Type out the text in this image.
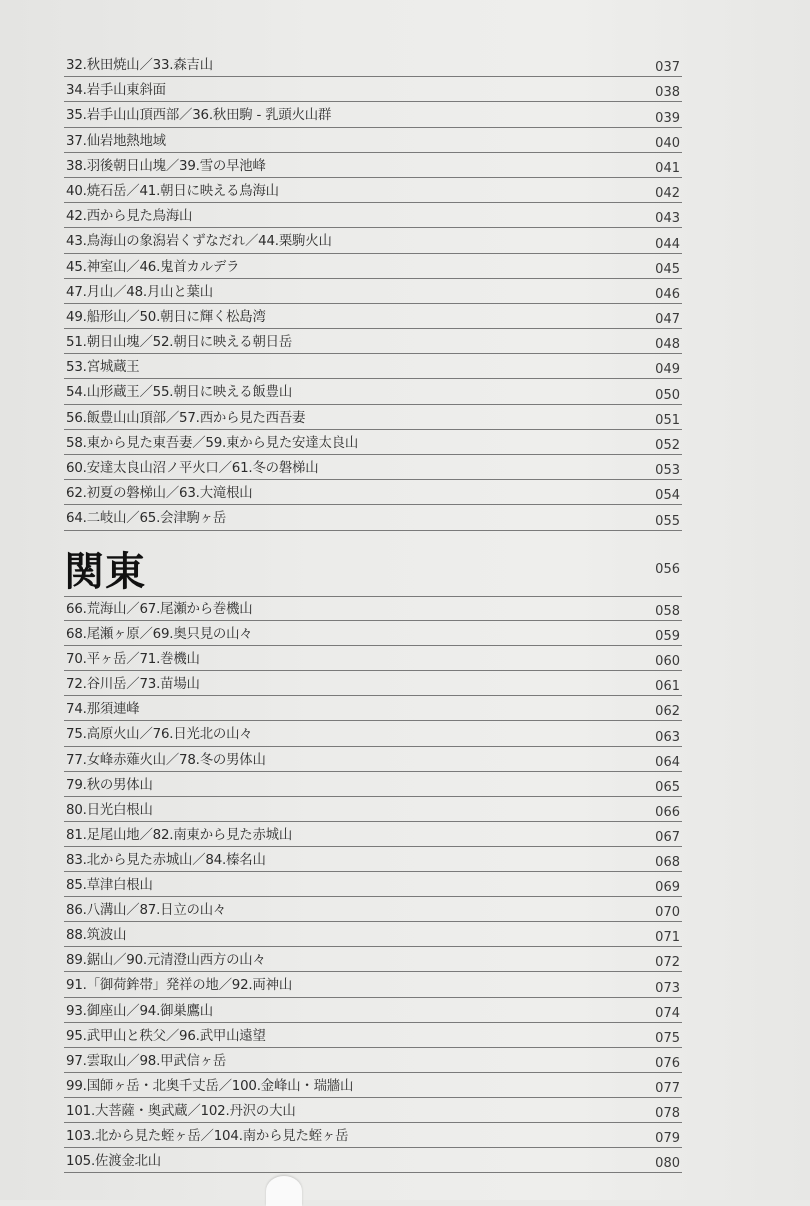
32.秋田焼山／33.森吉山	037
34.岩手山東斜面	038
35.岩手山山頂西部／36.秋田駒 - 乳頭火山群	039
37.仙岩地熱地域	040
38.羽後朝日山塊／39.雪の早池峰	041
40.焼石岳／41.朝日に映える鳥海山	042
42.西から見た鳥海山	043
43.鳥海山の象潟岩くずなだれ／44.栗駒火山	044
45.神室山／46.鬼首カルデラ	045
47.月山／48.月山と葉山	046
49.船形山／50.朝日に輝く松島湾	047
51.朝日山塊／52.朝日に映える朝日岳	048
53.宮城蔵王	049
54.山形蔵王／55.朝日に映える飯豊山	050
56.飯豊山山頂部／57.西から見た西吾妻	051
58.東から見た東吾妻／59.東から見た安達太良山	052
60.安達太良山沼ノ平火口／61.冬の磐梯山	053
62.初夏の磐梯山／63.大滝根山	054
64.二岐山／65.会津駒ヶ岳	055
関東	056
66.荒海山／67.尾瀬から巻機山	058
68.尾瀬ヶ原／69.奥只見の山々	059
70.平ヶ岳／71.巻機山	060
72.谷川岳／73.苗場山	061
74.那須連峰	062
75.高原火山／76.日光北の山々	063
77.女峰赤薙火山／78.冬の男体山	064
79.秋の男体山	065
80.日光白根山	066
81.足尾山地／82.南東から見た赤城山	067
83.北から見た赤城山／84.榛名山	068
85.草津白根山	069
86.八溝山／87.日立の山々	070
88.筑波山	071
89.鋸山／90.元清澄山西方の山々	072
91.「御荷鉾帯」発祥の地／92.両神山	073
93.御座山／94.御巣鷹山	074
95.武甲山と秩父／96.武甲山遠望	075
97.雲取山／98.甲武信ヶ岳	076
99.国師ヶ岳・北奥千丈岳／100.金峰山・瑞牆山	077
101.大菩薩・奥武蔵／102.丹沢の大山	078
103.北から見た蛭ヶ岳／104.南から見た蛭ヶ岳	079
105.佐渡金北山	080
